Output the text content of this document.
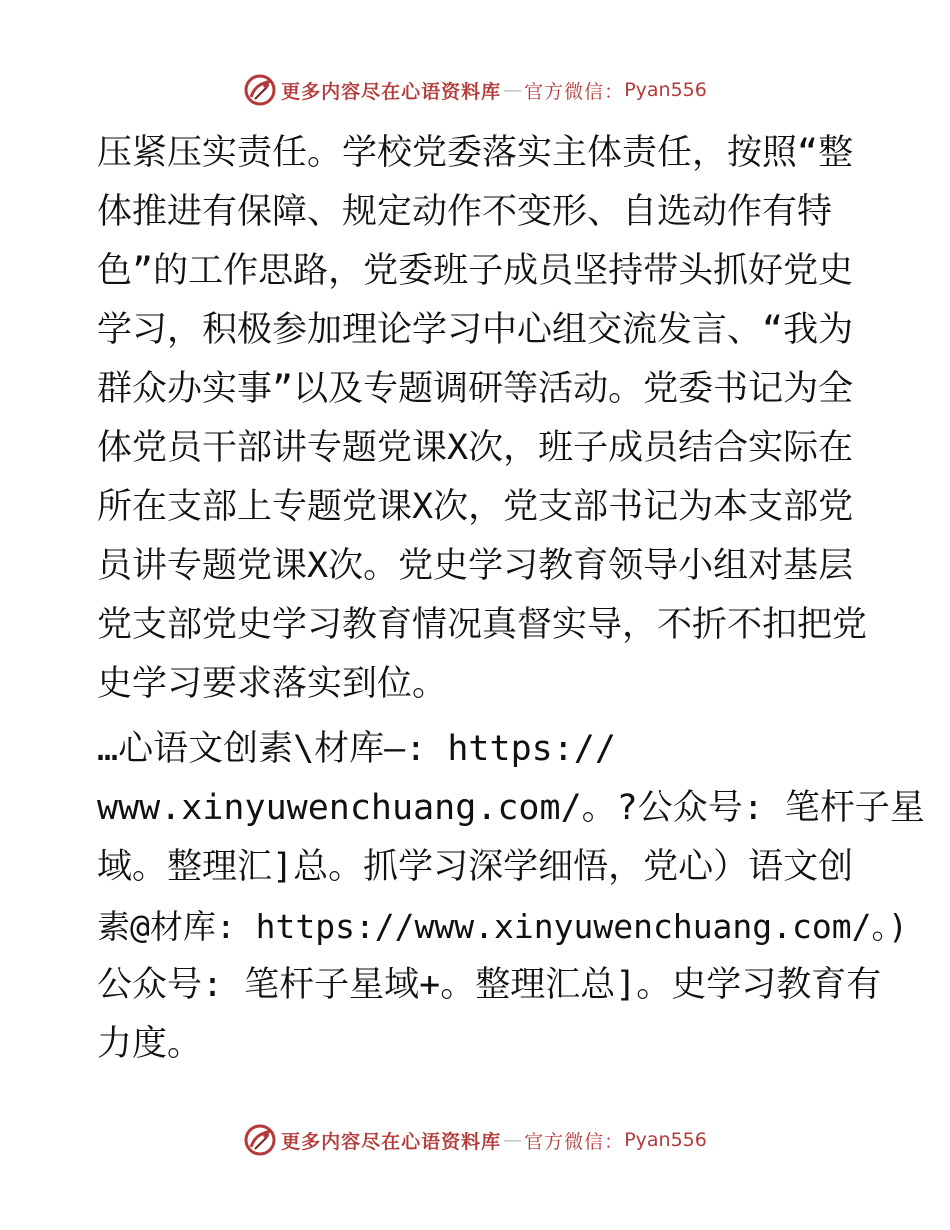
更多内容尽在心语资料库 — 官方微信： Pyan556
压紧压实责任。学校党委落实主体责任，按照“整
体推进有保障、规定动作不变形、自选动作有特
色”的工作思路，党委班子成员坚持带头抓好党史
学习，积极参加理论学习中心组交流发言、“我为
群众办实事”以及专题调研等活动。党委书记为全
体党员干部讲专题党课X次，班子成员结合实际在
所在支部上专题党课X次，党支部书记为本支部党
员讲专题党课X次。党史学习教育领导小组对基层
党支部党史学习教育情况真督实导，不折不扣把党
史学习要求落实到位。
…心语文创素\材库—: https://
www.xinyuwenchuang.com/。?公众号: 笔杆子星
域。整理汇]总。抓学习深学细悟，党心）语文创
素@材库: https://www.xinyuwenchuang.com/。)
公众号: 笔杆子星域+。整理汇总]。史学习教育有
力度。
更多内容尽在心语资料库 — 官方微信： Pyan556
